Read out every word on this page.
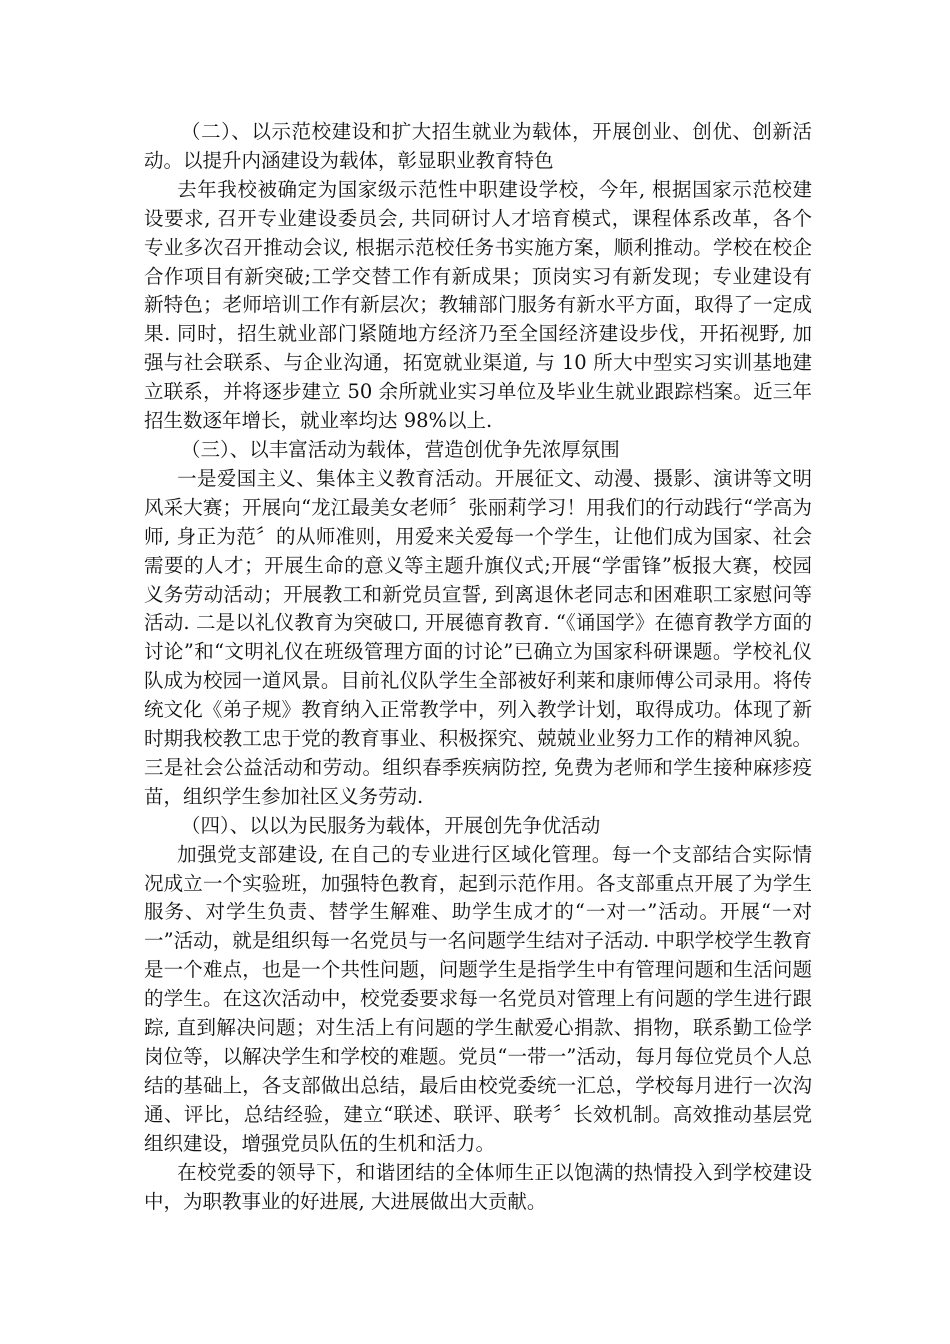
（二）、以示范校建设和扩大招生就业为载体，开展创业、创优、创新活动。以提升内涵建设为载体，彰显职业教育特色

去年我校被确定为国家级示范性中职建设学校，今年, 根据国家示范校建设要求, 召开专业建设委员会, 共同研讨人才培育模式，课程体系改革，各个专业多次召开推动会议, 根据示范校任务书实施方案，顺利推动。学校在校企合作项目有新突破;工学交替工作有新成果；顶岗实习有新发现；专业建设有新特色；老师培训工作有新层次；教辅部门服务有新水平方面，取得了一定成果. 同时，招生就业部门紧随地方经济乃至全国经济建设步伐，开拓视野, 加强与社会联系、与企业沟通，拓宽就业渠道, 与 10 所大中型实习实训基地建立联系，并将逐步建立 50 余所就业实习单位及毕业生就业跟踪档案。近三年招生数逐年增长，就业率均达 98%以上.

（三）、以丰富活动为载体，营造创优争先浓厚氛围

一是爱国主义、集体主义教育活动。开展征文、动漫、摄影、演讲等文明风采大赛；开展向“龙江最美女老师〞张丽莉学习！用我们的行动践行“学高为师, 身正为范〞的从师准则，用爱来关爱每一个学生，让他们成为国家、社会需要的人才；开展生命的意义等主题升旗仪式;开展“学雷锋”板报大赛，校园义务劳动活动；开展教工和新党员宣誓, 到离退休老同志和困难职工家慰问等活动. 二是以礼仪教育为突破口, 开展德育教育. “《诵国学》在德育教学方面的讨论”和“文明礼仪在班级管理方面的讨论”已确立为国家科研课题。学校礼仪队成为校园一道风景。目前礼仪队学生全部被好利莱和康师傅公司录用。将传统文化《弟子规》教育纳入正常教学中，列入教学计划，取得成功。体现了新时期我校教工忠于党的教育事业、积极探究、兢兢业业努力工作的精神风貌。三是社会公益活动和劳动。组织春季疾病防控, 免费为老师和学生接种麻疹疫苗，组织学生参加社区义务劳动.

（四）、以以为民服务为载体，开展创先争优活动

加强党支部建设, 在自己的专业进行区域化管理。每一个支部结合实际情况成立一个实验班，加强特色教育，起到示范作用。各支部重点开展了为学生服务、对学生负责、替学生解难、助学生成才的“一对一”活动。开展“一对一”活动，就是组织每一名党员与一名问题学生结对子活动. 中职学校学生教育是一个难点，也是一个共性问题，问题学生是指学生中有管理问题和生活问题的学生。在这次活动中，校党委要求每一名党员对管理上有问题的学生进行跟踪, 直到解决问题；对生活上有问题的学生献爱心捐款、捐物，联系勤工俭学岗位等，以解决学生和学校的难题。党员“一带一”活动，每月每位党员个人总结的基础上，各支部做出总结，最后由校党委统一汇总，学校每月进行一次沟通、评比，总结经验，建立“联述、联评、联考〞长效机制。高效推动基层党组织建设，增强党员队伍的生机和活力。

在校党委的领导下，和谐团结的全体师生正以饱满的热情投入到学校建设中，为职教事业的好进展, 大进展做出大贡献。
